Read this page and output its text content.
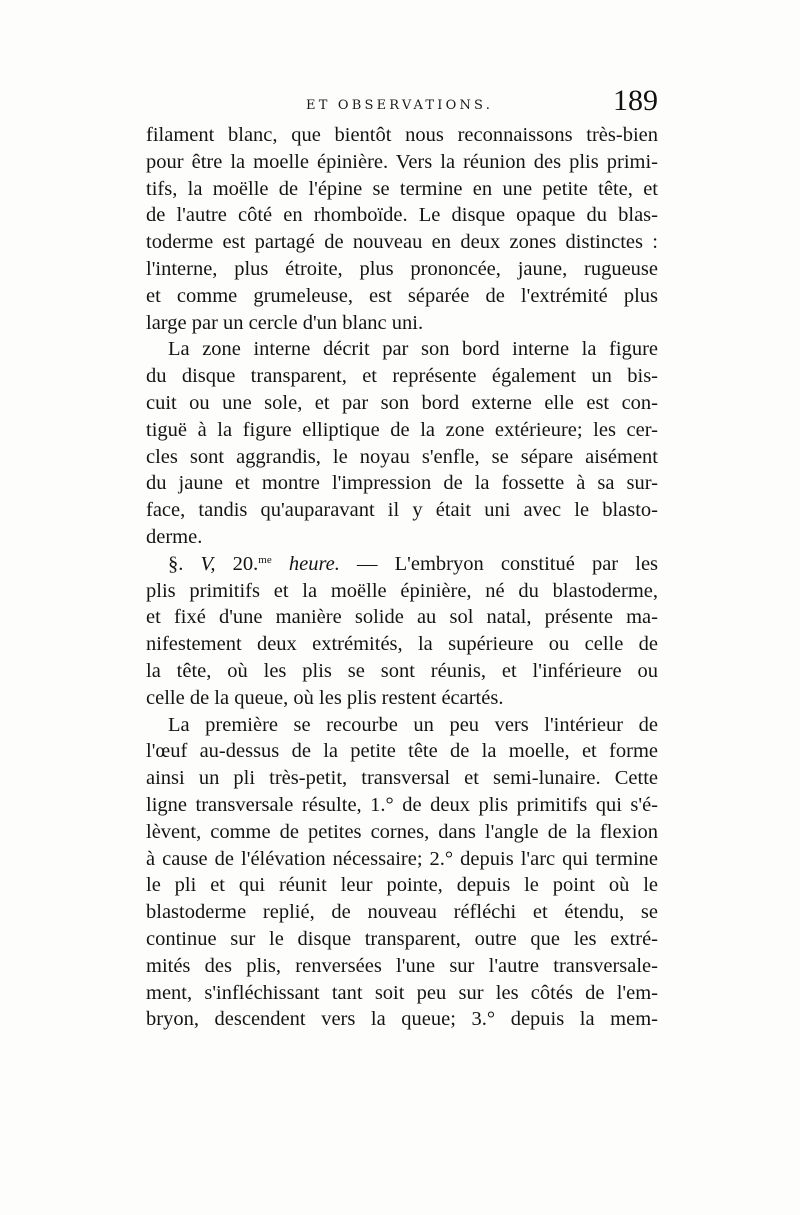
ET OBSERVATIONS.	189
filament blanc, que bientôt nous reconnaissons très-bien
pour être la moelle épinière. Vers la réunion des plis primi-
tifs, la moëlle de l'épine se termine en une petite tête, et
de l'autre côté en rhomboïde. Le disque opaque du blas-
toderme est partagé de nouveau en deux zones distinctes :
l'interne, plus étroite, plus prononcée, jaune, rugueuse
et comme grumeleuse, est séparée de l'extrémité plus
large par un cercle d'un blanc uni.
La zone interne décrit par son bord interne la figure
du disque transparent, et représente également un bis-
cuit ou une sole, et par son bord externe elle est con-
tiguë à la figure elliptique de la zone extérieure; les cer-
cles sont aggrandis, le noyau s'enfle, se sépare aisément
du jaune et montre l'impression de la fossette à sa sur-
face, tandis qu'auparavant il y était uni avec le blasto-
derme.
§. V, 20.$^{me}$ heure. — L'embryon constitué par les
plis primitifs et la moëlle épinière, né du blastoderme,
et fixé d'une manière solide au sol natal, présente ma-
nifestement deux extrémités, la supérieure ou celle de
la tête, où les plis se sont réunis, et l'inférieure ou
celle de la queue, où les plis restent écartés.
La première se recourbe un peu vers l'intérieur de
l'œuf au-dessus de la petite tête de la moelle, et forme
ainsi un pli très-petit, transversal et semi-lunaire. Cette
ligne transversale résulte, 1.° de deux plis primitifs qui s'é-
lèvent, comme de petites cornes, dans l'angle de la flexion
à cause de l'élévation nécessaire; 2.° depuis l'arc qui termine
le pli et qui réunit leur pointe, depuis le point où le
blastoderme replié, de nouveau réfléchi et étendu, se
continue sur le disque transparent, outre que les extré-
mités des plis, renversées l'une sur l'autre transversale-
ment, s'infléchissant tant soit peu sur les côtés de l'em-
bryon, descendent vers la queue; 3.° depuis la mem-
